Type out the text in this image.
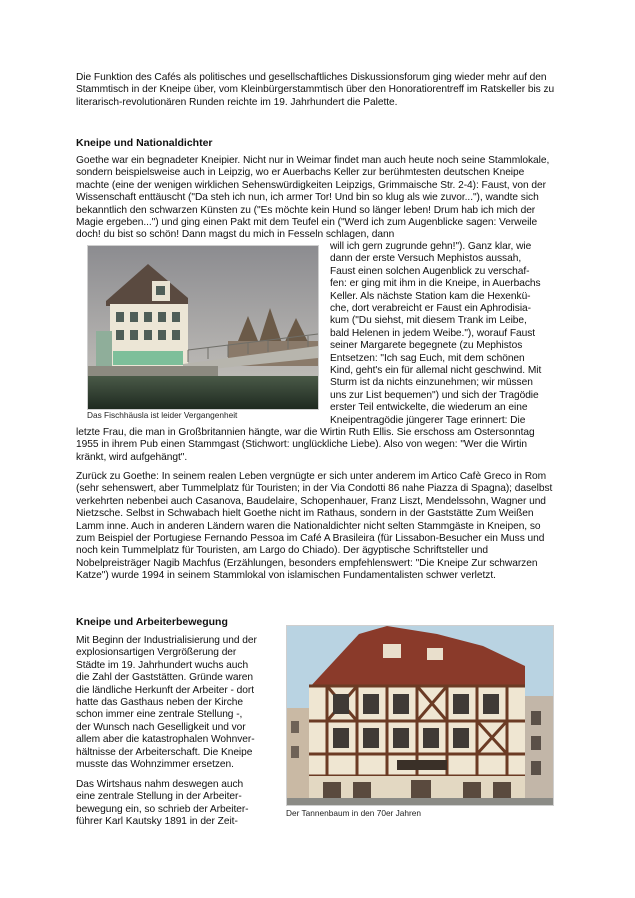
Die Funktion des Cafés als politisches und gesellschaftliches Diskussionsforum ging wieder mehr auf den Stammtisch in der Kneipe über, vom Kleinbürgerstammtisch über den Honoratiorentreff im Ratskeller bis zu literarisch-revolutionären Runden reichte im 19. Jahrhundert die Palette.

Kneipe und Nationaldichter

Goethe war ein begnadeter Kneipier. Nicht nur in Weimar findet man auch heute noch seine Stammlokale, sondern beispielsweise auch in Leipzig, wo er Auerbachs Keller zur berühmtesten deutschen Kneipe machte (eine der wenigen wirklichen Sehenswürdigkeiten Leipzigs, Grimmaische Str. 2-4): Faust, von der Wissenschaft enttäuscht ("Da steh ich nun, ich armer Tor! Und bin so klug als wie zuvor..."), wandte sich bekanntlich den schwarzen Künsten zu ("Es möchte kein Hund so länger leben! Drum hab ich mich der Magie ergeben...") und ging einen Pakt mit dem Teufel ein ("Werd ich zum Augenblicke sagen: Verweile doch! du bist so schön! Dann magst du mich in Fesseln schlagen, dann

Das Fischhäusla ist leider Vergangenheit
will ich gern zugrunde gehn!"). Ganz klar, wie
dann der erste Versuch Mephistos aussah,
Faust einen solchen Augenblick zu verschaf-
fen: er ging mit ihm in die Kneipe, in Auerbachs
Keller. Als nächste Station kam die Hexenkü-
che, dort verabreicht er Faust ein Aphrodisia-
kum ("Du siehst, mit diesem Trank im Leibe,
bald Helenen in jedem Weibe."), worauf Faust
seiner Margarete begegnete (zu Mephistos
Entsetzen: "Ich sag Euch, mit dem schönen
Kind, geht's ein für allemal nicht geschwind. Mit
Sturm ist da nichts einzunehmen; wir müssen
uns zur List bequemen") und sich der Tragödie
erster Teil entwickelte, die wiederum an eine
Kneipentragödie jüngerer Tage erinnert: Die

letzte Frau, die man in Großbritannien hängte, war die Wirtin Ruth Ellis. Sie erschoss am Ostersonntag 1955 in ihrem Pub einen Stammgast (Stichwort: unglückliche Liebe). Also von wegen: "Wer die Wirtin kränkt, wird aufgehängt".

Zurück zu Goethe: In seinem realen Leben vergnügte er sich unter anderem im Artico Cafè Greco in Rom (sehr sehenswert, aber Tummelplatz für Touristen; in der Via Condotti 86 nahe Piazza di Spagna); daselbst verkehrten nebenbei auch Casanova, Baudelaire, Schopenhauer, Franz Liszt, Mendelssohn, Wagner und Nietzsche. Selbst in Schwabach hielt Goethe nicht im Rathaus, sondern in der Gaststätte Zum Weißen Lamm inne. Auch in anderen Ländern waren die Nationaldichter nicht selten Stammgäste in Kneipen, so zum Beispiel der Portugiese Fernando Pessoa im Café A Brasileira (für Lissabon-Besucher ein Muss und noch kein Tummelplatz für Touristen, am Largo do Chiado). Der ägyptische Schriftsteller und Nobelpreisträger Nagib Machfus (Erzählungen, besonders empfehlenswert: "Die Kneipe Zur schwarzen Katze") wurde 1994 in seinem Stammlokal von islamischen Fundamentalisten schwer verletzt.

Kneipe und Arbeiterbewegung
Mit Beginn der Industrialisierung und der
explosionsartigen Vergrößerung der
Städte im 19. Jahrhundert wuchs auch
die Zahl der Gaststätten. Gründe waren
die ländliche Herkunft der Arbeiter - dort
hatte das Gasthaus neben der Kirche
schon immer eine zentrale Stellung -,
der Wunsch nach Geselligkeit und vor
allem aber die katastrophalen Wohnver-
hältnisse der Arbeiterschaft. Die Kneipe
musste das Wohnzimmer ersetzen.
Das Wirtshaus nahm deswegen auch
eine zentrale Stellung in der Arbeiter-
bewegung ein, so schrieb der Arbeiter-
führer Karl Kautsky 1891 in der Zeit-
Der Tannenbaum in den 70er Jahren
